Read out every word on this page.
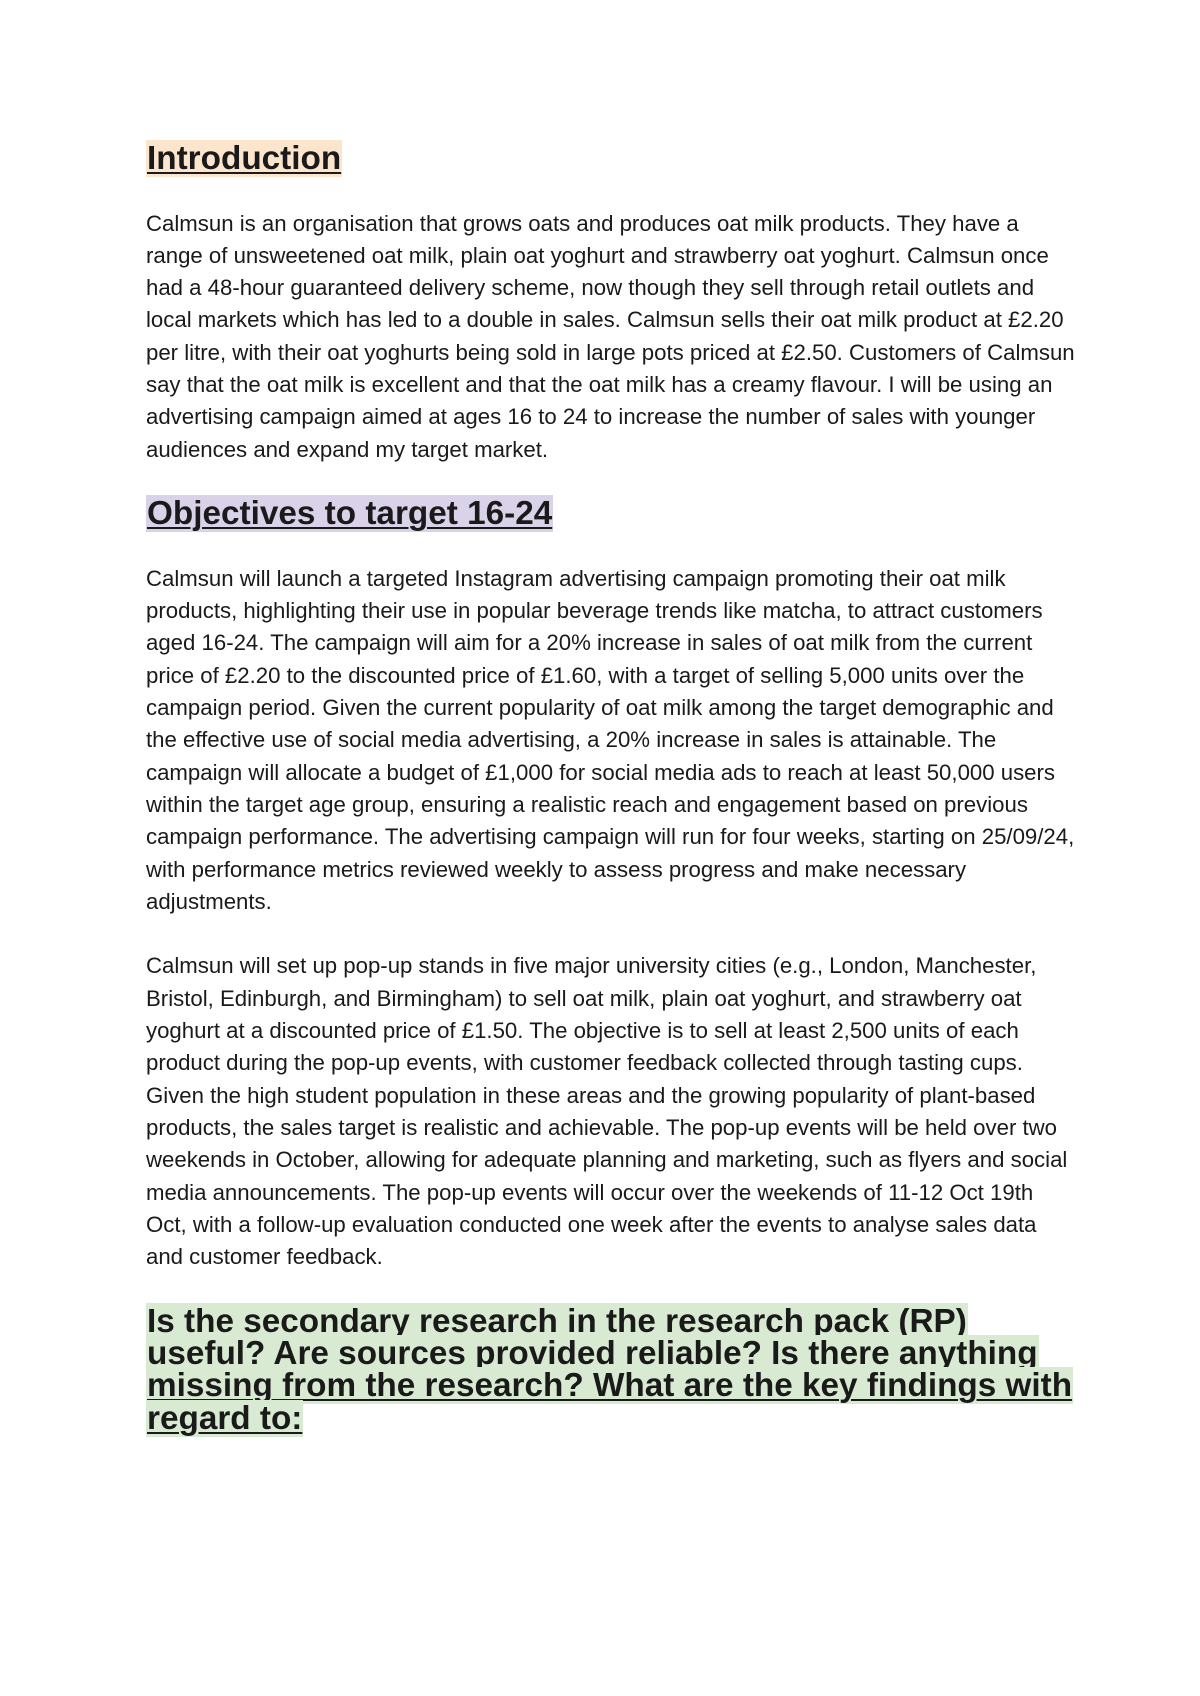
Introduction

Calmsun is an organisation that grows oats and produces oat milk products. They have a range of unsweetened oat milk, plain oat yoghurt and strawberry oat yoghurt. Calmsun once had a 48-hour guaranteed delivery scheme, now though they sell through retail outlets and local markets which has led to a double in sales. Calmsun sells their oat milk product at £2.20 per litre, with their oat yoghurts being sold in large pots priced at £2.50. Customers of Calmsun say that the oat milk is excellent and that the oat milk has a creamy flavour. I will be using an advertising campaign aimed at ages 16 to 24 to increase the number of sales with younger audiences and expand my target market.

Objectives to target 16-24

Calmsun will launch a targeted Instagram advertising campaign promoting their oat milk products, highlighting their use in popular beverage trends like matcha, to attract customers aged 16-24. The campaign will aim for a 20% increase in sales of oat milk from the current price of £2.20 to the discounted price of £1.60, with a target of selling 5,000 units over the campaign period. Given the current popularity of oat milk among the target demographic and the effective use of social media advertising, a 20% increase in sales is attainable. The campaign will allocate a budget of £1,000 for social media ads to reach at least 50,000 users within the target age group, ensuring a realistic reach and engagement based on previous campaign performance. The advertising campaign will run for four weeks, starting on 25/09/24, with performance metrics reviewed weekly to assess progress and make necessary adjustments.

Calmsun will set up pop-up stands in five major university cities (e.g., London, Manchester, Bristol, Edinburgh, and Birmingham) to sell oat milk, plain oat yoghurt, and strawberry oat yoghurt at a discounted price of £1.50. The objective is to sell at least 2,500 units of each product during the pop-up events, with customer feedback collected through tasting cups. Given the high student population in these areas and the growing popularity of plant-based products, the sales target is realistic and achievable. The pop-up events will be held over two weekends in October, allowing for adequate planning and marketing, such as flyers and social media announcements. The pop-up events will occur over the weekends of 11-12 Oct 19th Oct, with a follow-up evaluation conducted one week after the events to analyse sales data and customer feedback.

Is the secondary research in the research pack (RP) useful? Are sources provided reliable? Is there anything missing from the research? What are the key findings with regard to:
